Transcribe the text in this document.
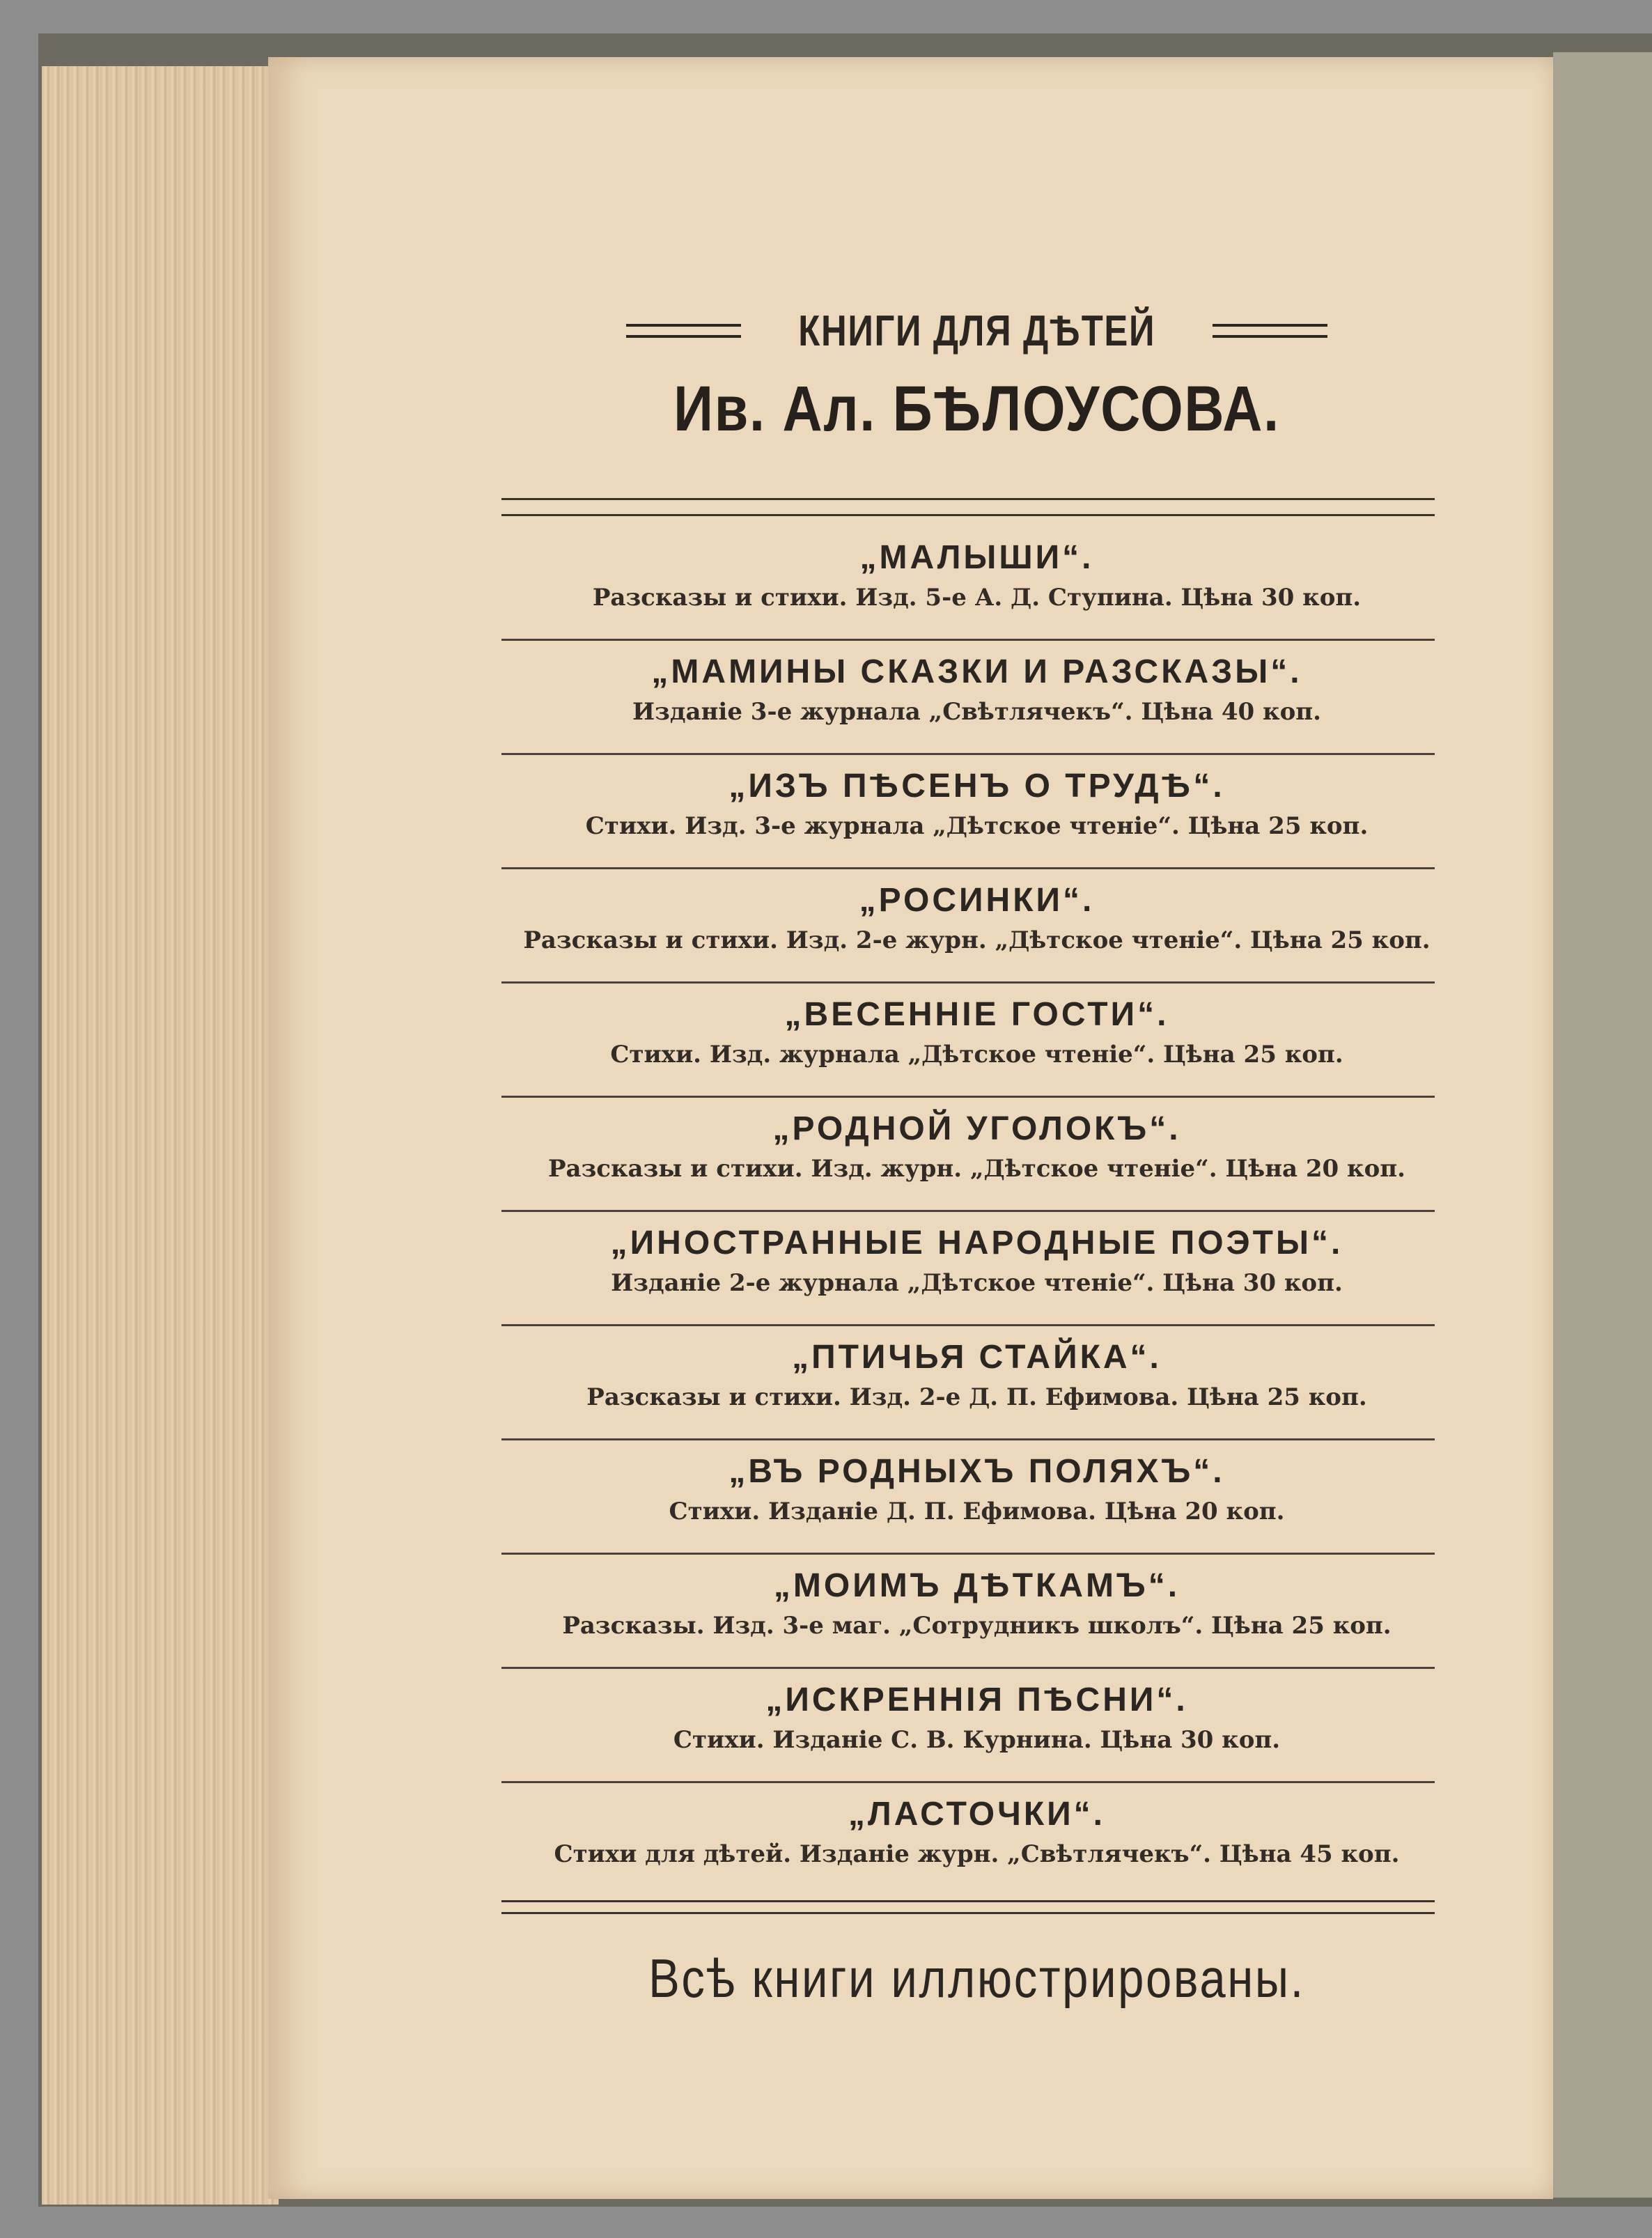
КНИГИ ДЛЯ ДѢТЕЙ
Ив. Ал. БѢЛОУСОВА.
„МАЛЫШИ“.
Разсказы и стихи. Изд. 5-е А. Д. Ступина. Цѣна 30 коп.
„МАМИНЫ СКАЗКИ И РАЗСКАЗЫ“.
Изданіе 3-е журнала „Свѣтлячекъ“. Цѣна 40 коп.
„ИЗЪ ПѢСЕНЪ О ТРУДѢ“.
Стихи. Изд. 3-е журнала „Дѣтское чтеніе“. Цѣна 25 коп.
„РОСИНКИ“.
Разсказы и стихи. Изд. 2-е журн. „Дѣтское чтеніе“. Цѣна 25 коп.
„ВЕСЕННІЕ ГОСТИ“.
Стихи. Изд. журнала „Дѣтское чтеніе“. Цѣна 25 коп.
„РОДНОЙ УГОЛОКЪ“.
Разсказы и стихи. Изд. журн. „Дѣтское чтеніе“. Цѣна 20 коп.
„ИНОСТРАННЫЕ НАРОДНЫЕ ПОЭТЫ“.
Изданіе 2-е журнала „Дѣтское чтеніе“. Цѣна 30 коп.
„ПТИЧЬЯ СТАЙКА“.
Разсказы и стихи. Изд. 2-е Д. П. Ефимова. Цѣна 25 коп.
„ВЪ РОДНЫХЪ ПОЛЯХЪ“.
Стихи. Изданіе Д. П. Ефимова. Цѣна 20 коп.
„МОИМЪ ДѢТКАМЪ“.
Разсказы. Изд. 3-е маг. „Сотрудникъ школъ“. Цѣна 25 коп.
„ИСКРЕННІЯ ПѢСНИ“.
Стихи. Изданіе С. В. Курнина. Цѣна 30 коп.
„ЛАСТОЧКИ“.
Стихи для дѣтей. Изданіе журн. „Свѣтлячекъ“. Цѣна 45 коп.
Всѣ книги иллюстрированы.
